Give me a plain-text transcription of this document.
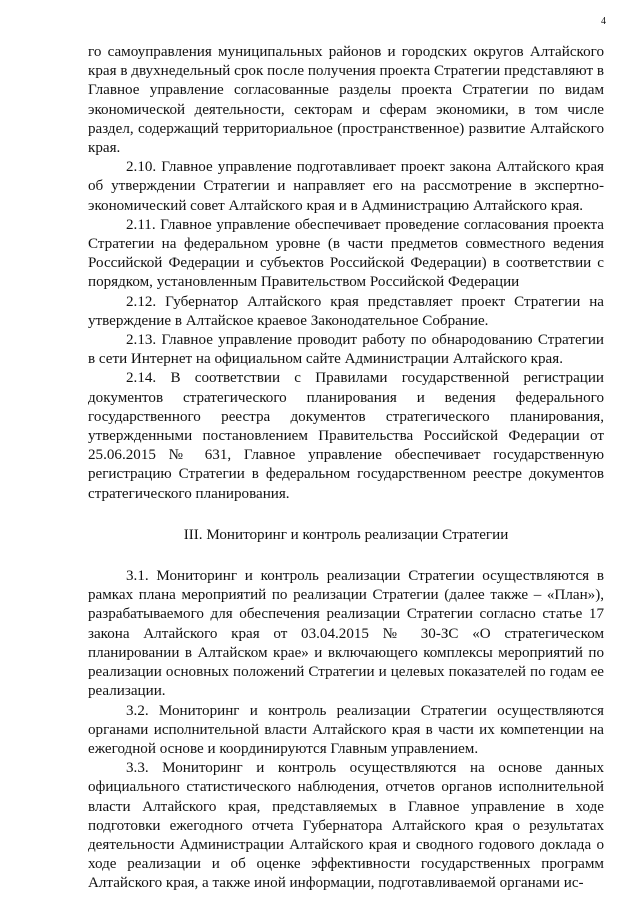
4

го самоуправления муниципальных районов и городских округов Алтайского края в двухнедельный срок после получения проекта Стратегии представляют в Главное управление согласованные разделы проекта Стратегии по видам экономической деятельности, секторам и сферам экономики, в том числе раздел, содержащий территориальное (пространственное) развитие Алтайского края.

2.10. Главное управление подготавливает проект закона Алтайского края об утверждении Стратегии и направляет его на рассмотрение в экспертно-экономический совет Алтайского края и в Администрацию Алтайского края.

2.11. Главное управление обеспечивает проведение согласования проекта Стратегии на федеральном уровне (в части предметов совместного ведения Российской Федерации и субъектов Российской Федерации) в соответствии с порядком, установленным Правительством Российской Федерации

2.12. Губернатор Алтайского края представляет проект Стратегии на утверждение в Алтайское краевое Законодательное Собрание.

2.13. Главное управление проводит работу по обнародованию Стратегии в сети Интернет на официальном сайте Администрации Алтайского края.

2.14. В соответствии с Правилами государственной регистрации документов стратегического планирования и ведения федерального государственного реестра документов стратегического планирования, утвержденными постановлением Правительства Российской Федерации от 25.06.2015 № 631, Главное управление обеспечивает государственную регистрацию Стратегии в федеральном государственном реестре документов стратегического планирования.

III. Мониторинг и контроль реализации Стратегии

3.1. Мониторинг и контроль реализации Стратегии осуществляются в рамках плана мероприятий по реализации Стратегии (далее также – «План»), разрабатываемого для обеспечения реализации Стратегии согласно статье 17 закона Алтайского края от 03.04.2015 № 30-ЗС «О стратегическом планировании в Алтайском крае» и включающего комплексы мероприятий по реализации основных положений Стратегии и целевых показателей по годам ее реализации.

3.2. Мониторинг и контроль реализации Стратегии осуществляются органами исполнительной власти Алтайского края в части их компетенции на ежегодной основе и координируются Главным управлением.

3.3. Мониторинг и контроль осуществляются на основе данных официального статистического наблюдения, отчетов органов исполнительной власти Алтайского края, представляемых в Главное управление в ходе подготовки ежегодного отчета Губернатора Алтайского края о результатах деятельности Администрации Алтайского края и сводного годового доклада о ходе реализации и об оценке эффективности государственных программ Алтайского края, а также иной информации, подготавливаемой органами ис-
